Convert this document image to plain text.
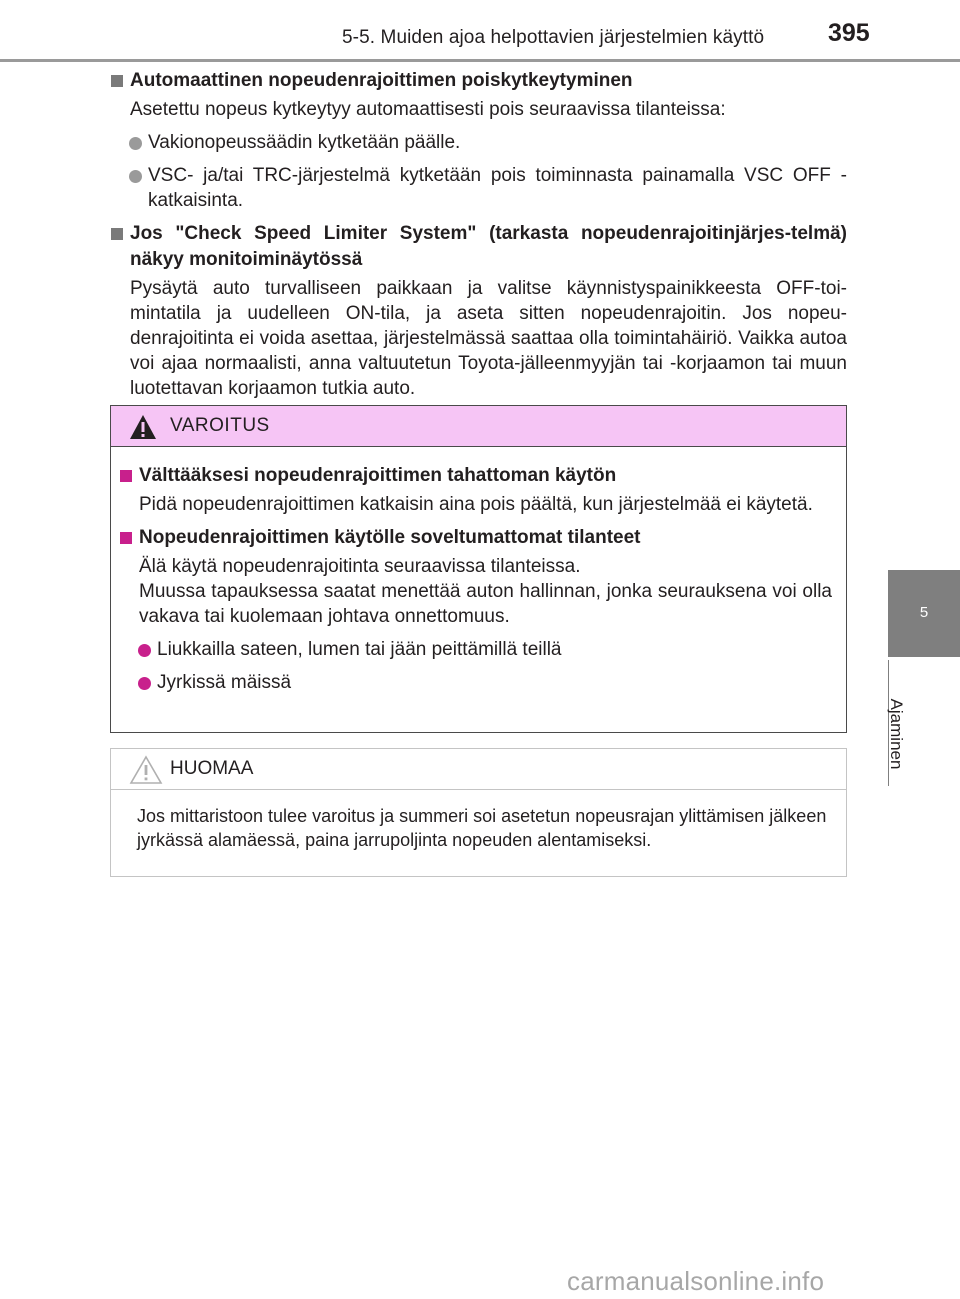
5-5. Muiden ajoa helpottavien järjestelmien käyttö	395
5
Ajaminen
Automaattinen nopeudenrajoittimen poiskytkeytyminen
Asetettu nopeus kytkeytyy automaattisesti pois seuraavissa tilanteissa:
Vakionopeussäädin kytketään päälle.
VSC- ja/tai TRC-järjestelmä kytketään pois toiminnasta painamalla VSC OFF -katkaisinta.
Jos "Check Speed Limiter System" (tarkasta nopeudenrajoitinjärjes-telmä) näkyy monitoiminäytössä
Pysäytä auto turvalliseen paikkaan ja valitse käynnistyspainikkeesta OFF-toi-mintatila ja uudelleen ON-tila, ja aseta sitten nopeudenrajoitin. Jos nopeu-denrajoitinta ei voida asettaa, järjestelmässä saattaa olla toimintahäiriö. Vaikka autoa voi ajaa normaalisti, anna valtuutetun Toyota-jälleenmyyjän tai -korjaamon tai muun luotettavan korjaamon tutkia auto.
VAROITUS
Välttääksesi nopeudenrajoittimen tahattoman käytön
Pidä nopeudenrajoittimen katkaisin aina pois päältä, kun järjestelmää ei käytetä.
Nopeudenrajoittimen käytölle soveltumattomat tilanteet
Älä käytä nopeudenrajoitinta seuraavissa tilanteissa.
Muussa tapauksessa saatat menettää auton hallinnan, jonka seurauksena voi olla vakava tai kuolemaan johtava onnettomuus.
Liukkailla sateen, lumen tai jään peittämillä teillä
Jyrkissä mäissä
HUOMAA
Jos mittaristoon tulee varoitus ja summeri soi asetetun nopeusrajan ylittämisen jälkeen jyrkässä alamäessä, paina jarrupoljinta nopeuden alentamiseksi.
carmanualsonline.info
